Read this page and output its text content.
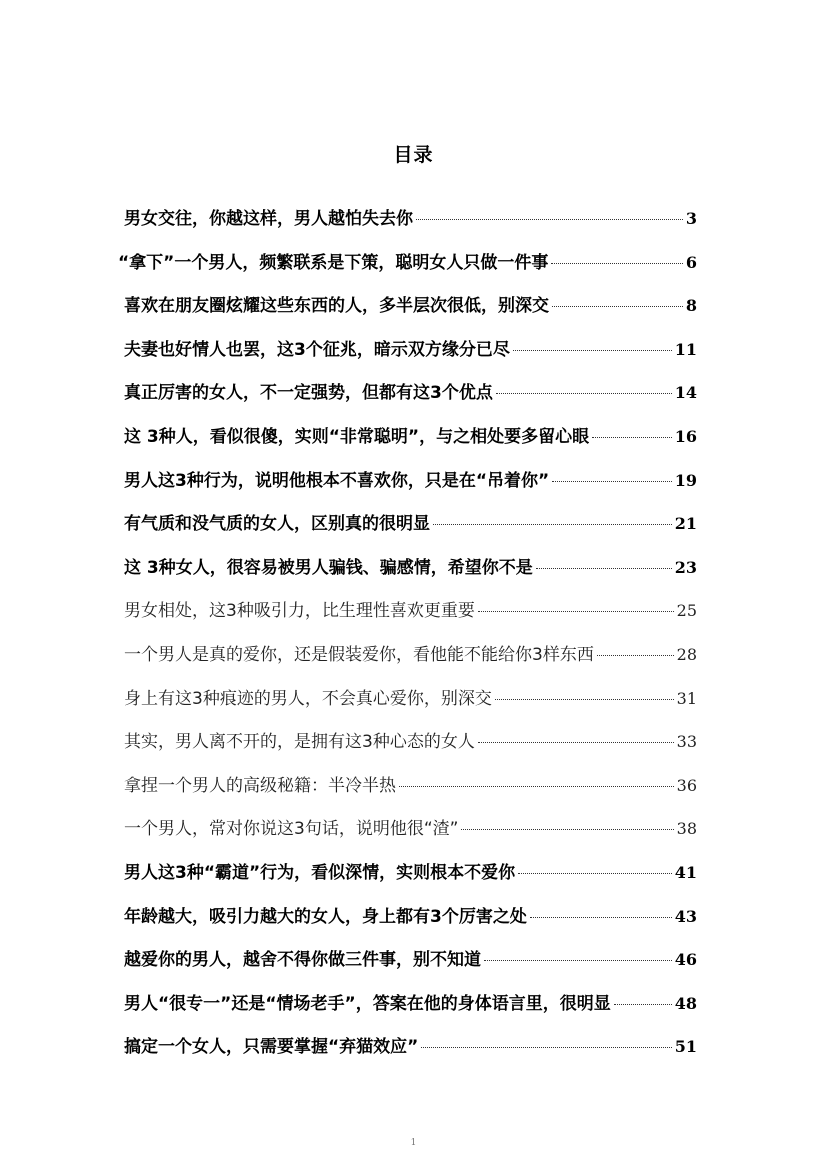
目录
男女交往，你越这样，男人越怕失去你	3
“拿下”一个男人，频繁联系是下策，聪明女人只做一件事	6
喜欢在朋友圈炫耀这些东西的人，多半层次很低，别深交	8
夫妻也好情人也罢，这3个征兆，暗示双方缘分已尽	11
真正厉害的女人，不一定强势，但都有这3个优点	14
这 3种人，看似很傻，实则“非常聪明”，与之相处要多留心眼	16
男人这3种行为，说明他根本不喜欢你，只是在“吊着你”	19
有气质和没气质的女人，区别真的很明显	21
这 3种女人，很容易被男人骗钱、骗感情，希望你不是	23
男女相处，这3种吸引力，比生理性喜欢更重要	25
一个男人是真的爱你，还是假装爱你，看他能不能给你3样东西	28
身上有这3种痕迹的男人，不会真心爱你，别深交	31
其实，男人离不开的，是拥有这3种心态的女人	33
拿捏一个男人的高级秘籍：半冷半热	36
一个男人，常对你说这3句话，说明他很“渣”	38
男人这3种“霸道”行为，看似深情，实则根本不爱你	41
年龄越大，吸引力越大的女人，身上都有3个厉害之处	43
越爱你的男人，越舍不得你做三件事，别不知道	46
男人“很专一”还是“情场老手”，答案在他的身体语言里，很明显	48
搞定一个女人，只需要掌握“弃猫效应”	51
1
